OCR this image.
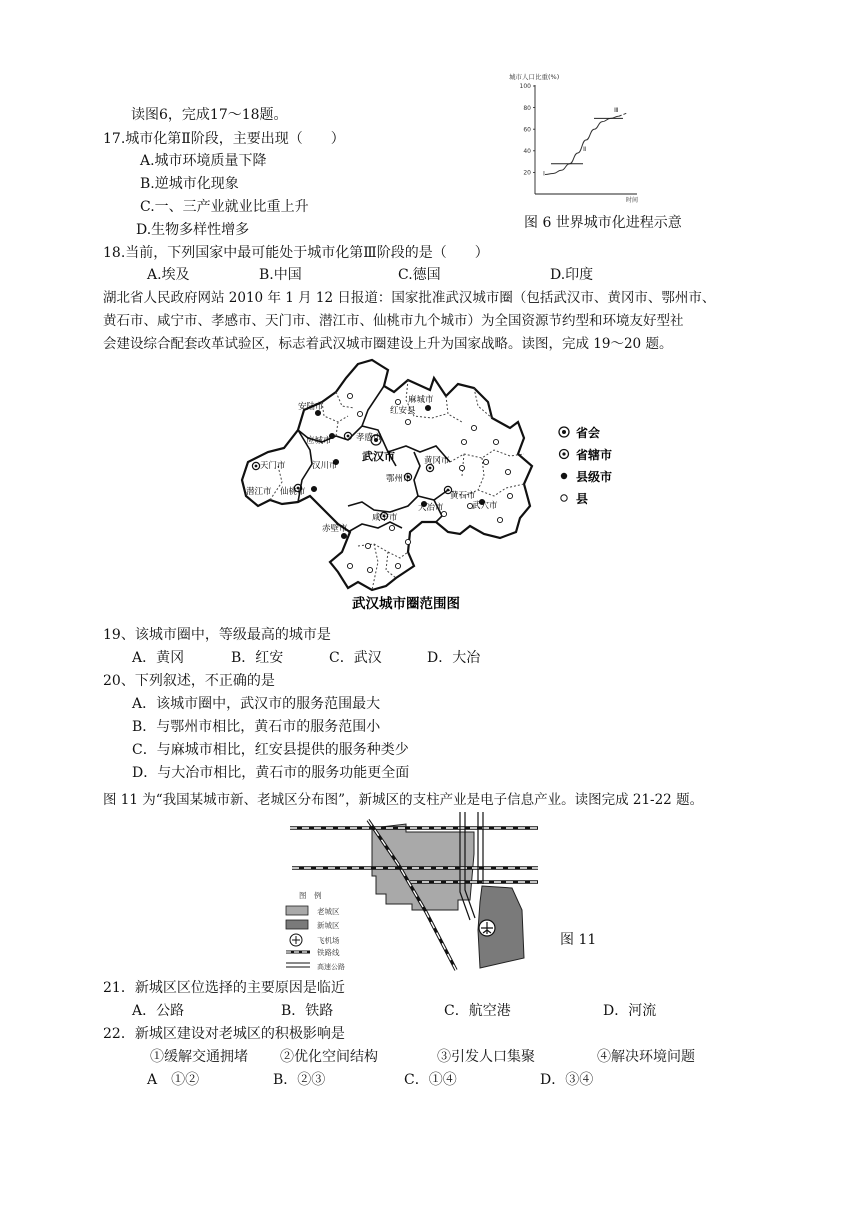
读图6，完成17～18题。
17.城市化第Ⅱ阶段，主要出现（　　）
A.城市环境质量下降
B.逆城市化现象
C.一、三产业就业比重上升
D.生物多样性增多
18.当前，下列国家中最可能处于城市化第Ⅲ阶段的是（　　）
A.埃及	B.中国	C.德国	D.印度
城市人口比重(%)
20
40
60
80
100
时间
Ⅰ
Ⅱ
Ⅲ
图 6 世界城市化进程示意
湖北省人民政府网站 2010 年 1 月 12 日报道：国家批准武汉城市圈（包括武汉市、黄冈市、鄂州市、
黄石市、咸宁市、孝感市、天门市、潜江市、仙桃市九个城市）为全国资源节约型和环境友好型社
会建设综合配套改革试验区，标志着武汉城市圈建设上升为国家战略。读图，完成 19～20 题。
安陆市	红安县
麻城市
应城市	孝感市
武汉市
天门市	汉川市	黄冈市
鄂州市
潜江市 仙桃市	黄石市
大冶市	武穴市
咸宁市
赤壁市
省会
省辖市
县级市
县
武汉城市圈范围图
19、该城市圈中，等级最高的城市是
A．黄冈	B．红安	C．武汉	D．大冶
20、下列叙述，不正确的是
A．该城市圈中，武汉市的服务范围最大
B．与鄂州市相比，黄石市的服务范围小
C．与麻城市相比，红安县提供的服务种类少
D．与大冶市相比，黄石市的服务功能更全面
图 11 为“我国某城市新、老城区分布图”，新城区的支柱产业是电子信息产业。读图完成 21-22 题。
图　例
老城区
新城区
飞机场
铁路线
高速公路
图 11
21．新城区区位选择的主要原因是临近
A．公路	B．铁路	C．航空港	D．河流
22．新城区建设对老城区的积极影响是
①缓解交通拥堵 ②优化空间结构	③引发人口集聚	④解决环境问题
A　①②	B．②③	C．①④	D．③④
